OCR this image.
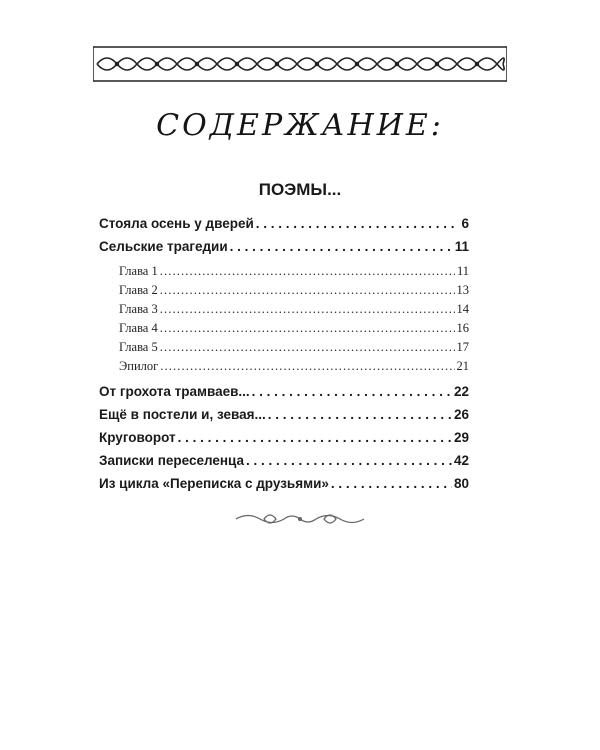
СОДЕРЖАНИЕ:
ПОЭМЫ...
Стояла осень у дверей . . .	6
Сельские трагедии . . .	11
Глава 1 . . .	11
Глава 2 . . .	13
Глава 3 . . .	14
Глава 4 . . .	16
Глава 5 . . .	17
Эпилог . . .	21
От грохота трамваев... . . .	22
Ещё в постели и, зевая... . . .	26
Круговорот . . .	29
Записки переселенца . . .	42
Из цикла «Переписка с друзьями» . . .	80
